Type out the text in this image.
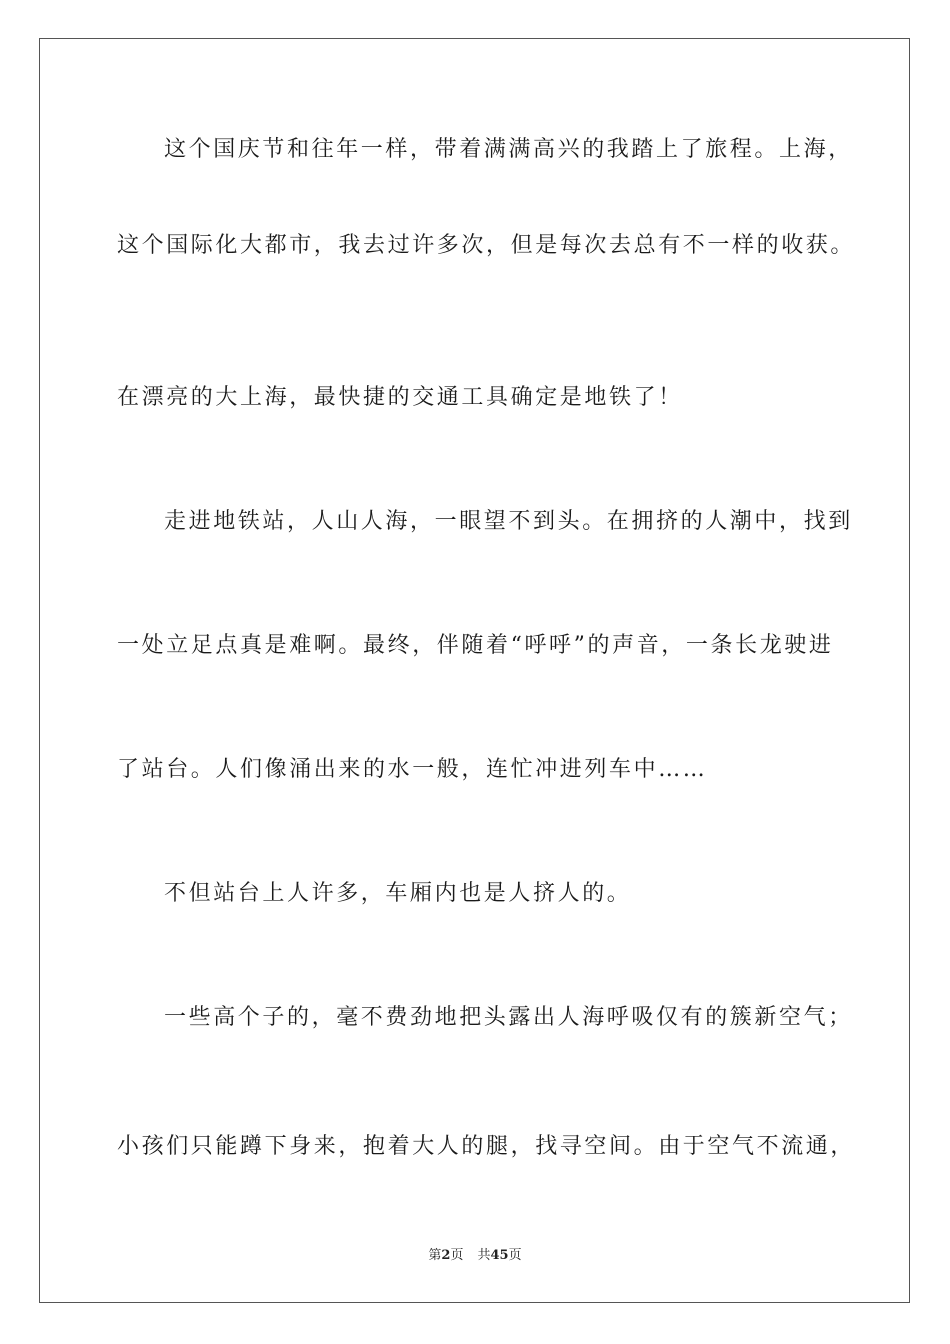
这个国庆节和往年一样，带着满满高兴的我踏上了旅程。上海，
这个国际化大都市，我去过许多次，但是每次去总有不一样的收获。
在漂亮的大上海，最快捷的交通工具确定是地铁了！
走进地铁站，人山人海，一眼望不到头。在拥挤的人潮中，找到
一处立足点真是难啊。最终，伴随着“呼呼”的声音，一条长龙驶进
了站台。人们像涌出来的水一般，连忙冲进列车中……
不但站台上人许多，车厢内也是人挤人的。
一些高个子的，毫不费劲地把头露出人海呼吸仅有的簇新空气；
小孩们只能蹲下身来，抱着大人的腿，找寻空间。由于空气不流通，
第2页 共45页
